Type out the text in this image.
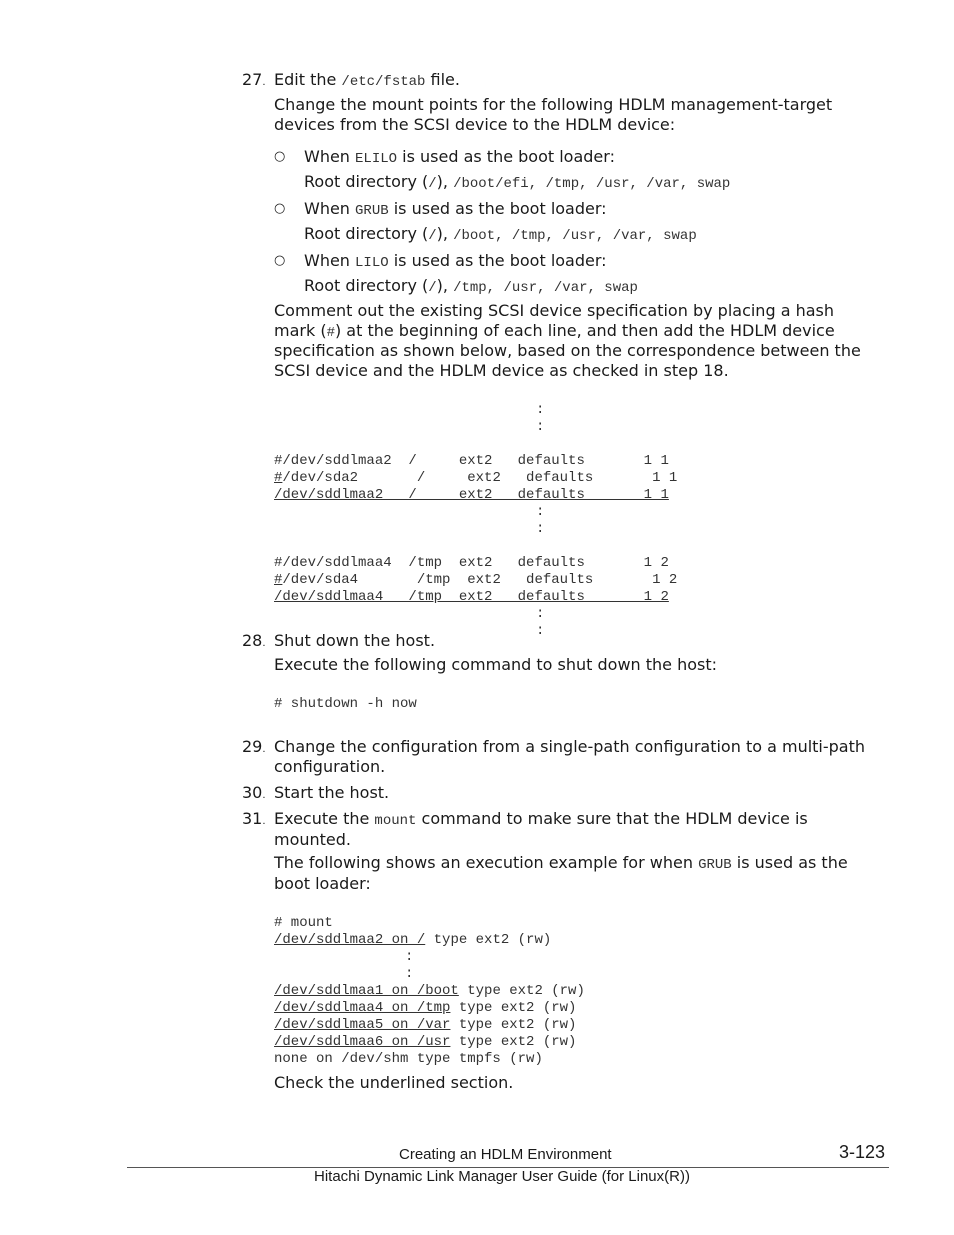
27. Edit the /etc/fstab file.
Change the mount points for the following HDLM management-target devices from the SCSI device to the HDLM device:
○ When ELILO is used as the boot loader:
Root directory (/), /boot/efi, /tmp, /usr, /var, swap
○ When GRUB is used as the boot loader:
Root directory (/), /boot, /tmp, /usr, /var, swap
○ When LILO is used as the boot loader:
Root directory (/), /tmp, /usr, /var, swap
Comment out the existing SCSI device specification by placing a hash
mark (#) at the beginning of each line, and then add the HDLM device
specification as shown below, based on the correspondence between the
SCSI device and the HDLM device as checked in step 18.
:
:

#/dev/sddlmaa2  /     ext2   defaults       1 1
#/dev/sda2       /     ext2   defaults       1 1
/dev/sddlmaa2   /     ext2   defaults       1 1
:
:

#/dev/sddlmaa4  /tmp  ext2   defaults       1 2
#/dev/sda4       /tmp  ext2   defaults       1 2
/dev/sddlmaa4   /tmp  ext2   defaults       1 2
:
:
28. Shut down the host.
Execute the following command to shut down the host:
# shutdown -h now
29. Change the configuration from a single-path configuration to a multi-path
configuration.
30. Start the host.
31. Execute the mount command to make sure that the HDLM device is
mounted.
The following shows an execution example for when GRUB is used as the
boot loader:
# mount
/dev/sddlmaa2 on / type ext2 (rw)
:
:
/dev/sddlmaa1 on /boot type ext2 (rw)
/dev/sddlmaa4 on /tmp type ext2 (rw)
/dev/sddlmaa5 on /var type ext2 (rw)
/dev/sddlmaa6 on /usr type ext2 (rw)
none on /dev/shm type tmpfs (rw)
Check the underlined section.
Creating an HDLM Environment	3-123
Hitachi Dynamic Link Manager User Guide (for Linux(R))
